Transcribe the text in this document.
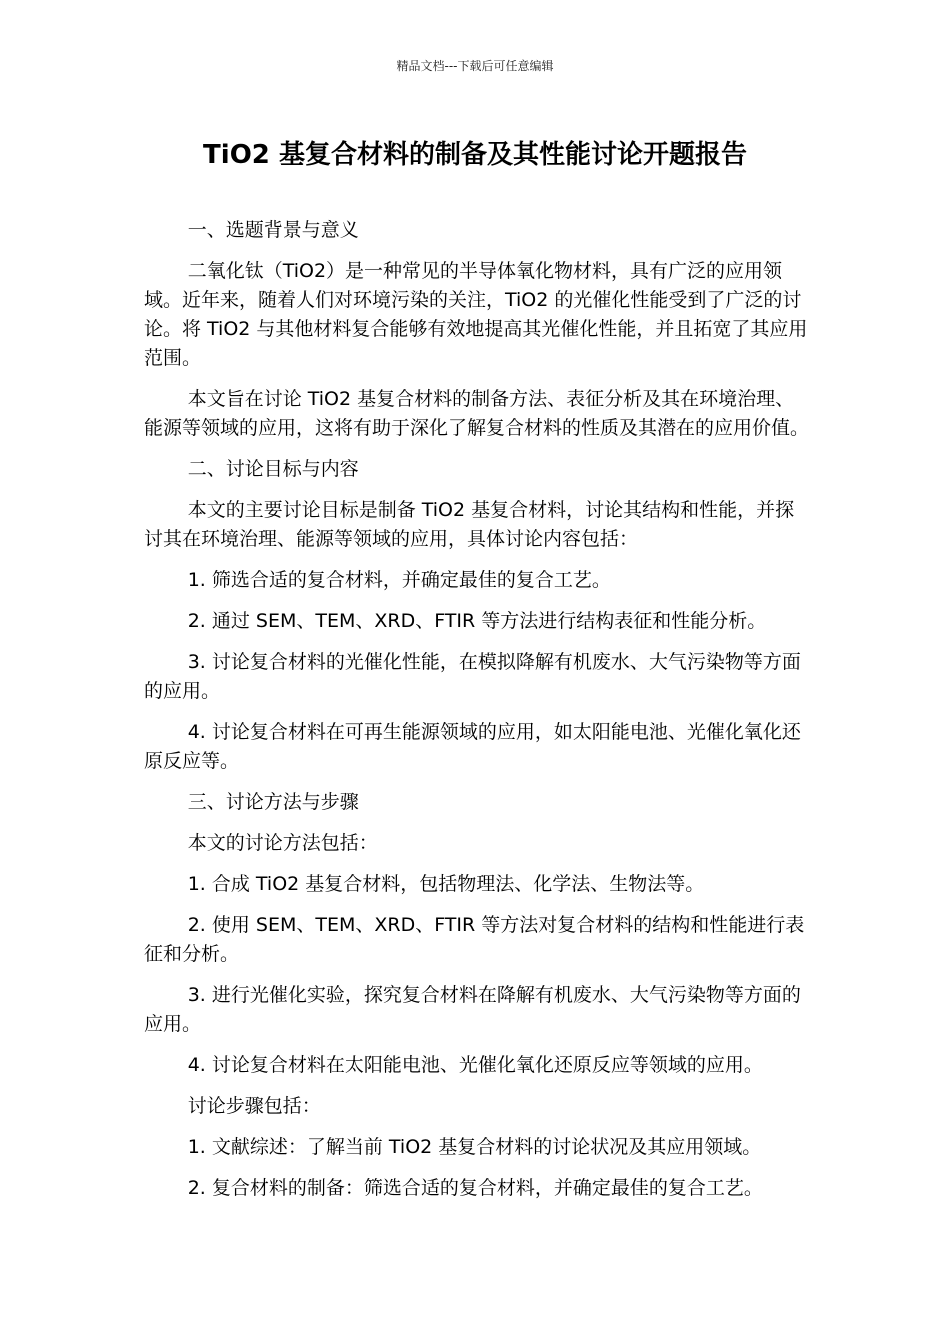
精品文档---下载后可任意编辑
TiO2 基复合材料的制备及其性能讨论开题报告

一、选题背景与意义

二氧化钛（TiO2）是一种常见的半导体氧化物材料，具有广泛的应用领域。近年来，随着人们对环境污染的关注，TiO2 的光催化性能受到了广泛的讨论。将 TiO2 与其他材料复合能够有效地提高其光催化性能，并且拓宽了其应用范围。

本文旨在讨论 TiO2 基复合材料的制备方法、表征分析及其在环境治理、能源等领域的应用，这将有助于深化了解复合材料的性质及其潜在的应用价值。

二、讨论目标与内容

本文的主要讨论目标是制备 TiO2 基复合材料，讨论其结构和性能，并探讨其在环境治理、能源等领域的应用，具体讨论内容包括：

1. 筛选合适的复合材料，并确定最佳的复合工艺。

2. 通过 SEM、TEM、XRD、FTIR 等方法进行结构表征和性能分析。

3. 讨论复合材料的光催化性能，在模拟降解有机废水、大气污染物等方面的应用。

4. 讨论复合材料在可再生能源领域的应用，如太阳能电池、光催化氧化还原反应等。

三、讨论方法与步骤

本文的讨论方法包括：

1. 合成 TiO2 基复合材料，包括物理法、化学法、生物法等。

2. 使用 SEM、TEM、XRD、FTIR 等方法对复合材料的结构和性能进行表征和分析。

3. 进行光催化实验，探究复合材料在降解有机废水、大气污染物等方面的应用。

4. 讨论复合材料在太阳能电池、光催化氧化还原反应等领域的应用。

讨论步骤包括：

1. 文献综述：了解当前 TiO2 基复合材料的讨论状况及其应用领域。

2. 复合材料的制备：筛选合适的复合材料，并确定最佳的复合工艺。
